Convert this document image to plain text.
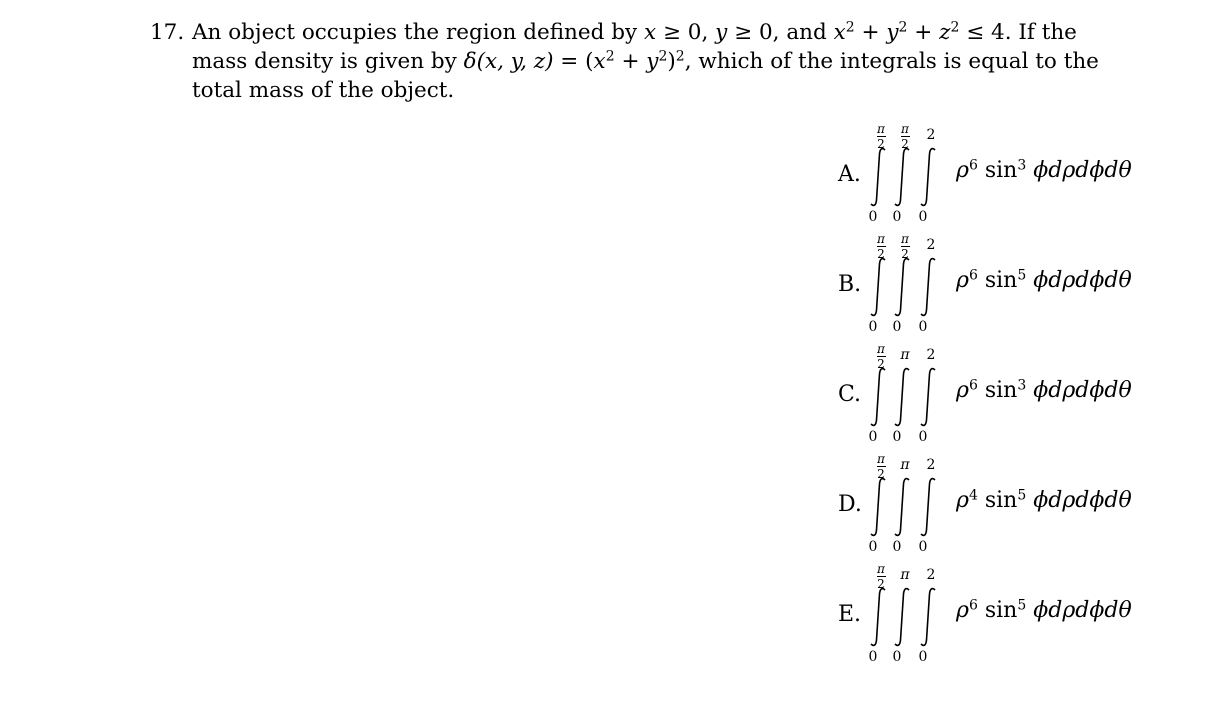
17. An object occupies the region defined by x ≥ 0, y ≥ 0, and $x^2 + y^2 + z^2 \le 4$. If the
mass density is given by δ(x, y, $z) = (x^2 + y^2)^2$, which of the integrals is equal to the
total mass of the object.
A.
$\frac{\pi}{2}$
0
$\frac{\pi}{2}$
0
2
0
$\rho^6$ $\sin^3 \phi d\rho d\phi d\theta$
B.
$\frac{\pi}{2}$
0
$\frac{\pi}{2}$
0
2
0
$\rho^6$ $\sin^5 \phi d\rho d\phi d\theta$
C.
$\frac{\pi}{2}$
0
π
0
2
0
$\rho^6$ $\sin^3 \phi d\rho d\phi d\theta$
D.
$\frac{\pi}{2}$
0
π
0
2
0
$\rho^4$ $\sin^5 \phi d\rho d\phi d\theta$
E.
$\frac{\pi}{2}$
0
π
0
2
0
$\rho^6$ $\sin^5 \phi d\rho d\phi d\theta$
